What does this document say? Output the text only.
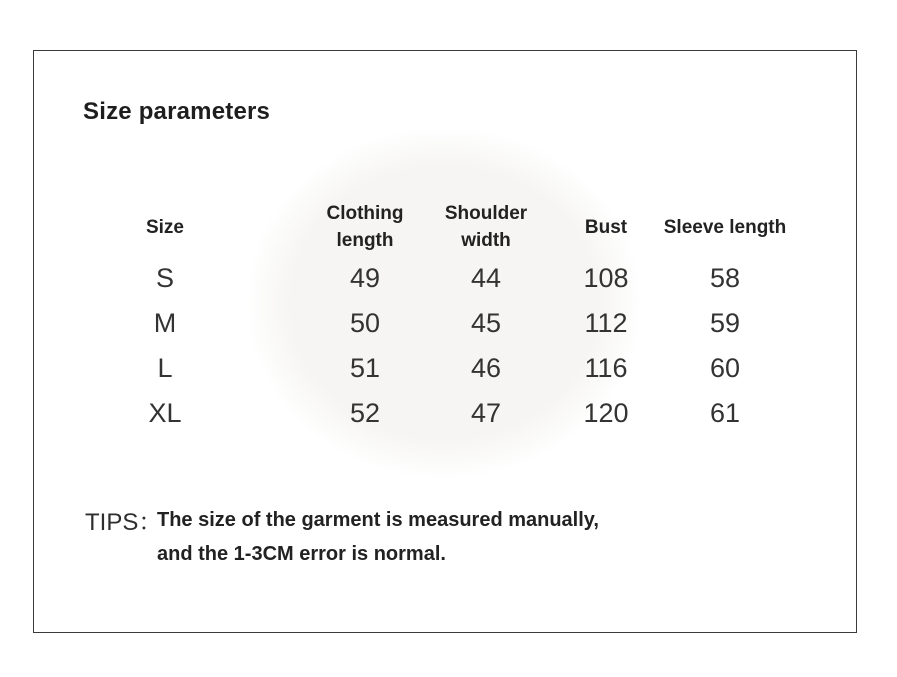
Size parameters
Size
S
M
L
XL
Clothing length
49
50
51
52
Shoulder width
44
45
46
47
Bust
108
112
116
120
Sleeve length
58
59
60
61
TIPS：
The size of the garment is measured manually,
and the 1-3CM error is normal.
